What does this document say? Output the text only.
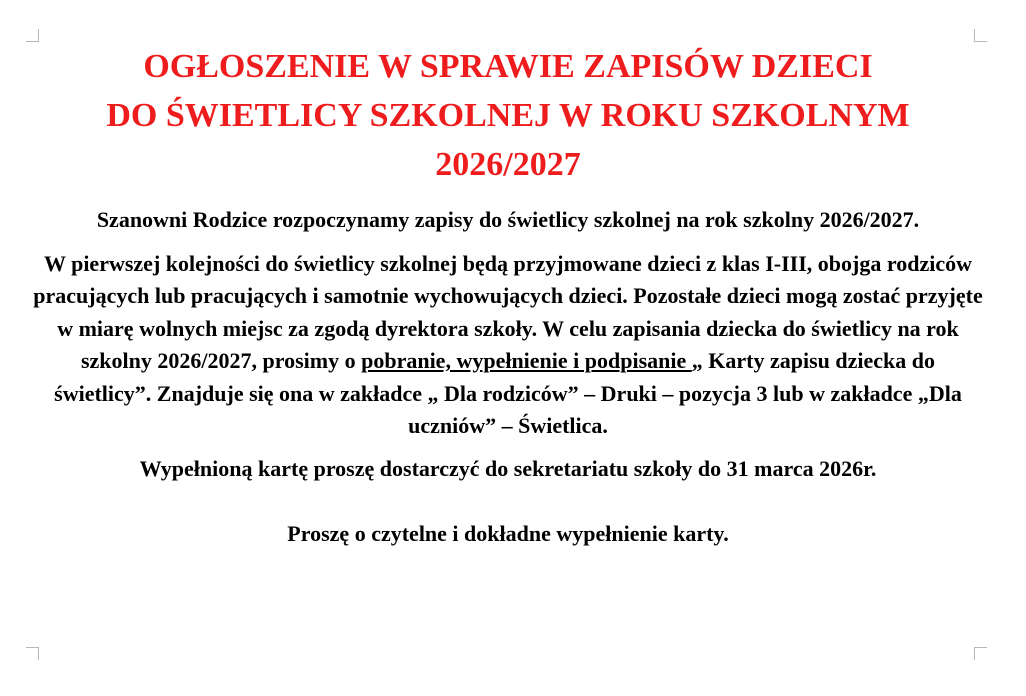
OGŁOSZENIE W SPRAWIE ZAPISÓW DZIECI
DO ŚWIETLICY SZKOLNEJ W ROKU SZKOLNYM
2026/2027

Szanowni Rodzice rozpoczynamy zapisy do świetlicy szkolnej na rok szkolny 2026/2027.

W pierwszej kolejności do świetlicy szkolnej będą przyjmowane dzieci z klas I-III, obojga rodziców pracujących lub pracujących i samotnie wychowujących dzieci. Pozostałe dzieci mogą zostać przyjęte w miarę wolnych miejsc za zgodą dyrektora szkoły. W celu zapisania dziecka do świetlicy na rok szkolny 2026/2027, prosimy o pobranie, wypełnienie i podpisanie „ Karty zapisu dziecka do świetlicy”. Znajduje się ona w zakładce „ Dla rodziców” – Druki – pozycja 3 lub w zakładce „Dla uczniów” – Świetlica.

Wypełnioną kartę proszę dostarczyć do sekretariatu szkoły do 31 marca 2026r.

Proszę o czytelne i dokładne wypełnienie karty.
